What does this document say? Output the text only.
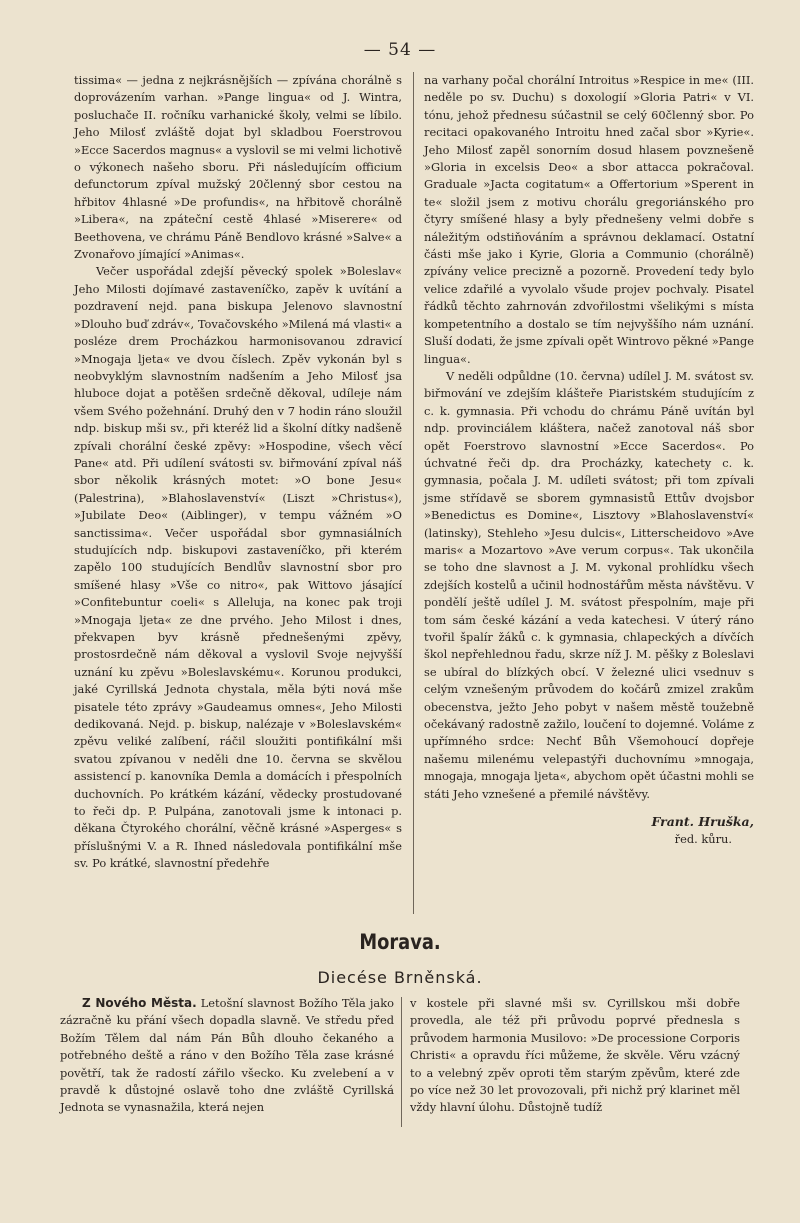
— 54 —

tissima« — jedna z nejkrásnějších — zpívána chorálně s doprovázením varhan. »Pange lingua« od J. Wintra, posluchače II. ročníku varhanické školy, velmi se líbilo. Jeho Milosť zvláště dojat byl skladbou Foerstrovou »Ecce Sacerdos magnus« a vyslovil se mi velmi lichotivě o výkonech našeho sboru. Při následujícím officium defunctorum zpíval mužský 20členný sbor cestou na hřbitov 4hlasné »De profundis«, na hřbitově chorálně »Libera«, na zpáteční cestě 4hlasé »Miserere« od Beethovena, ve chrámu Páně Bendlovo krásné »Salve« a Zvonařovo jímající »Animas«.

Večer uspořádal zdejší pěvecký spolek »Boleslav« Jeho Milosti dojímavé zastaveníčko, zapěv k uvítání a pozdravení nejd. pana biskupa Jelenovo slavnostní »Dlouho buď zdráv«, Tovačovského »Milená má vlasti« a posléze drem Procházkou harmonisovanou zdravicí »Mnogaja ljeta« ve dvou číslech. Zpěv vykonán byl s neobvyklým slavnostním nadšením a Jeho Milosť jsa hluboce dojat a potěšen srdečně děkoval, udíleje nám všem Svého požehnání. Druhý den v 7 hodin ráno sloužil ndp. biskup mši sv., při kteréž lid a školní dítky nadšeně zpívali chorální české zpěvy: »Hospodine, všech věcí Pane« atd. Při udílení svátosti sv. biřmování zpíval náš sbor několik krásných motet: »O bone Jesu« (Palestrina), »Blahoslavenství« (Liszt »Christus«), »Jubilate Deo« (Aiblinger), v tempu vážném »O sanctissima«. Večer uspořádal sbor gymnasiálních studujících ndp. biskupovi zastaveníčko, při kterém zapělo 100 studujících Bendlův slavnostní sbor pro smíšené hlasy »Vše co nitro«, pak Wittovo jásající »Confitebuntur coeli« s Alleluja, na konec pak troji »Mnogaja ljeta« ze dne prvého. Jeho Milost i dnes, překvapen byv krásně přednešenými zpěvy, prostosrdečně nám děkoval a vyslovil Svoje nejvyšší uznání ku zpěvu »Boleslavskému«. Korunou produkci, jaké Cyrillská Jednota chystala, měla býti nová mše pisatele této zprávy »Gaudeamus omnes«, Jeho Milosti dedikovaná. Nejd. p. biskup, nalézaje v »Boleslavském« zpěvu veliké zalíbení, ráčil sloužiti pontifikální mši svatou zpívanou v neděli dne 10. června se skvělou assistencí p. kanovníka Demla a domácích i přespolních duchovních. Po krátkém kázání, vědecky prostudované to řeči dp. P. Pulpána, zanotovali jsme k intonaci p. děkana Čtyrokého chorální, věčně krásné »Asperges« s příslušnými V. a R. Ihned následovala pontifikální mše sv. Po krátké, slavnostní předehře

na varhany počal chorální Introitus »Respice in me« (III. neděle po sv. Duchu) s doxologií »Gloria Patri« v VI. tónu, jehož přednesu súčastnil se celý 60členný sbor. Po recitaci opakovaného Introitu hned začal sbor »Kyrie«. Jeho Milosť zapěl sonorním dosud hlasem povznešeně »Gloria in excelsis Deo« a sbor attacca pokračoval. Graduale »Jacta cogitatum« a Offertorium »Sperent in te« složil jsem z motivu chorálu gregoriánského pro čtyry smíšené hlasy a byly přednešeny velmi dobře s náležitým odstiňováním a správnou deklamací. Ostatní části mše jako i Kyrie, Gloria a Communio (chorálně) zpívány velice precizně a pozorně. Provedení tedy bylo velice zdařilé a vyvolalo všude projev pochvaly. Pisatel řádků těchto zahrnován zdvořilostmi všelikými s místa kompetentního a dostalo se tím nejvyššího nám uznání. Sluší dodati, že jsme zpívali opět Wintrovo pěkné »Pange lingua«.

V neděli odpůldne (10. června) udílel J. M. svátost sv. biřmování ve zdejším klášteře Piaristském studujícím z c. k. gymnasia. Při vchodu do chrámu Páně uvítán byl ndp. provinciálem kláštera, načež zanotoval náš sbor opět Foerstrovo slavnostní »Ecce Sacerdos«. Po úchvatné řeči dp. dra Procházky, katechety c. k. gymnasia, počala J. M. udíleti svátost; při tom zpívali jsme střídavě se sborem gymnasistů Ettův dvojsbor »Benedictus es Domine«, Lisztovy »Blahoslavenství« (latinsky), Stehleho »Jesu dulcis«, Litterscheidovo »Ave maris« a Mozartovo »Ave verum corpus«. Tak ukončila se toho dne slavnost a J. M. vykonal prohlídku všech zdejších kostelů a učinil hodnostářům města návštěvu. V pondělí ještě udílel J. M. svátost přespolním, maje při tom sám české kázání a veda katechesi. V úterý ráno tvořil špalír žáků c. k gymnasia, chlapeckých a dívčích škol nepřehlednou řadu, skrze níž J. M. pěšky z Boleslavi se ubíral do blízkých obcí. V železné ulici vsednuv s celým vznešeným průvodem do kočárů zmizel zrakům obecenstva, ježto Jeho pobyt v našem městě toužebně očekávaný radostně zažilo, loučení to dojemné. Voláme z upřímného srdce: Nechť Bůh Všemohoucí dopřeje našemu milenému velepastýři duchovnímu »mnogaja, mnogaja, mnogaja ljeta«, abychom opět účastni mohli se státi Jeho vznešené a přemilé návštěvy.

Frant. Hruška,
řed. kůru.
Morava.
Diecése Brněnská.

Z Nového Města. Letošní slavnost Božího Těla jako zázračně ku přání všech dopadla slavně. Ve středu před Božím Tělem dal nám Pán Bůh dlouho čekaného a potřebného deště a ráno v den Božího Těla zase krásné povětří, tak že radostí zářilo všecko. Ku zvelebení a v pravdě k důstojné oslavě toho dne zvláště Cyrillská Jednota se vynasnažila, která nejen

v kostele při slavné mši sv. Cyrillskou mši dobře provedla, ale též při průvodu poprvé přednesla s průvodem harmonia Musilovo: »De processione Corporis Christi« a opravdu říci můžeme, že skvěle. Věru vzácný to a velebný zpěv oproti těm starým zpěvům, které zde po více než 30 let provozovali, při nichž prý klarinet měl vždy hlavní úlohu. Důstojně tudíž
